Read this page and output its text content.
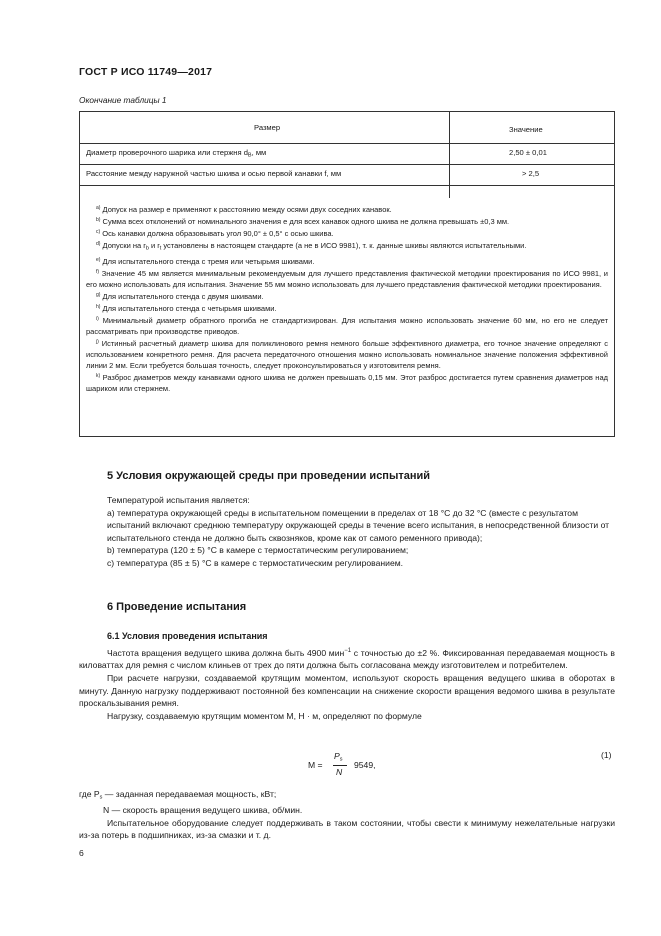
ГОСТ Р ИСО 11749—2017
Окончание таблицы 1
Размер	Значение
Диаметр проверочного шарика или стержня $d_B$, мм	2,50 ± 0,01
Расстояние между наружной частью шкива и осью первой канавки f, мм	> 2,5

$^{a)}$ Допуск на размер e применяют к расстоянию между осями двух соседних канавок.

$^{b)}$ Сумма всех отклонений от номинального значения e для всех канавок одного шкива не должна превышать ±0,3 мм.

$^{c)}$ Ось канавки должна образовывать угол 90,0° ± 0,5° с осью шкива.

$^{d)}$ Допуски на $r_b$ и $r_t$ установлены в настоящем стандарте (а не в ИСО 9981), т. к. данные шкивы являются испытательными.

$^{e)}$ Для испытательного стенда с тремя или четырьмя шкивами.

$^{f)}$ Значение 45 мм является минимальным рекомендуемым для лучшего представления фактической методики проектирования по ИСО 9981, и его можно использовать для испытания. Значение 55 мм можно использовать для лучшего представления фактической методики проектирования.

$^{g)}$ Для испытательного стенда с двумя шкивами.

$^{h)}$ Для испытательного стенда с четырьмя шкивами.

$^{i)}$ Минимальный диаметр обратного прогиба не стандартизирован. Для испытания можно использовать значение 60 мм, но его не следует рассматривать при производстве приводов.

$^{j)}$ Истинный расчетный диаметр шкива для поликлинового ремня немного больше эффективного диаметра, его точное значение определяют с использованием конкретного ремня. Для расчета передаточного отношения можно использовать номинальное значение положения эффективной линии 2 мм. Если требуется большая точность, следует проконсультироваться у изготовителя ремня.

$^{k)}$ Разброс диаметров между канавками одного шкива не должен превышать 0,15 мм. Этот разброс достигается путем сравнения диаметров над шариком или стержнем.

5 Условия окружающей среды при проведении испытаний

Температурой испытания является:

a) температура окружающей среды в испытательном помещении в пределах от 18 °C до 32 °C (вместе с результатом испытаний включают среднюю температуру окружающей среды в течение всего испытания, в непосредственной близости от испытательного стенда не должно быть сквозняков, кроме как от самого ременного привода);

b) температура (120 ± 5) °C в камере с термостатическим регулированием;

c) температура (85 ± 5) °C в камере с термостатическим регулированием.

6 Проведение испытания
6.1 Условия проведения испытания

Частота вращения ведущего шкива должна быть 4900 мин$^{-1}$ с точностью до ±2 %. Фиксированная передаваемая мощность в киловаттах для ремня с числом клиньев от трех до пяти должна быть согласована между изготовителем и потребителем.

При расчете нагрузки, создаваемой крутящим моментом, используют скорость вращения ведущего шкива в оборотах в минуту. Данную нагрузку поддерживают постоянной без компенсации на снижение скорости вращения ведомого шкива в результате проскальзывания ремня.

Нагрузку, создаваемую крутящим моментом M, Н · м, определяют по формуле

M =
$P_s$
N
9549,
(1)

где $P_s$ — заданная передаваемая мощность, кВт;

N — скорость вращения ведущего шкива, об/мин.

Испытательное оборудование следует поддерживать в таком состоянии, чтобы свести к минимуму нежелательные нагрузки из-за потерь в подшипниках, из-за смазки и т. д.

6
